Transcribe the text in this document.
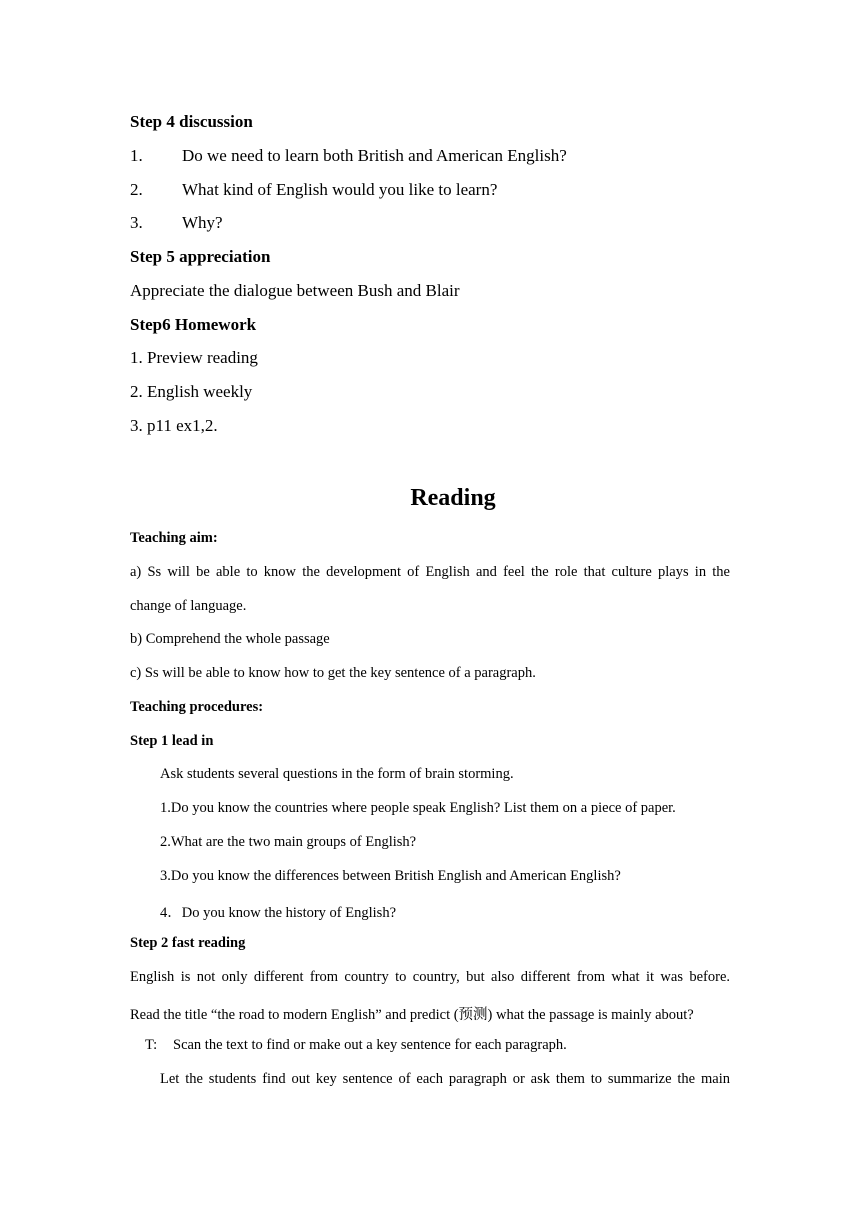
Step 4 discussion
1. Do we need to learn both British and American English?
2. What kind of English would you like to learn?
3. Why?
Step 5 appreciation
Appreciate the dialogue between Bush and Blair
Step6 Homework
1. Preview reading
2. English weekly
3. p11 ex1,2.
Reading
Teaching aim:
a) Ss will be able to know the development of English and feel the role that culture plays in the
change of language.
b) Comprehend the whole passage
c) Ss will be able to know how to get the key sentence of a paragraph.
Teaching procedures:
Step 1 lead in
Ask students several questions in the form of brain storming.
1.Do you know the countries where people speak English? List them on a piece of paper.
2.What are the two main groups of English?
3.Do you know the differences between British English and American English?
4．Do you know the history of English?
Step 2 fast reading
English is not only different from country to country, but also different from what it was before.
Read the title “the road to modern English” and predict (预测) what the passage is mainly about?
T: Scan the text to find or make out a key sentence for each paragraph.
Let the students find out key sentence of each paragraph or ask them to summarize the main
